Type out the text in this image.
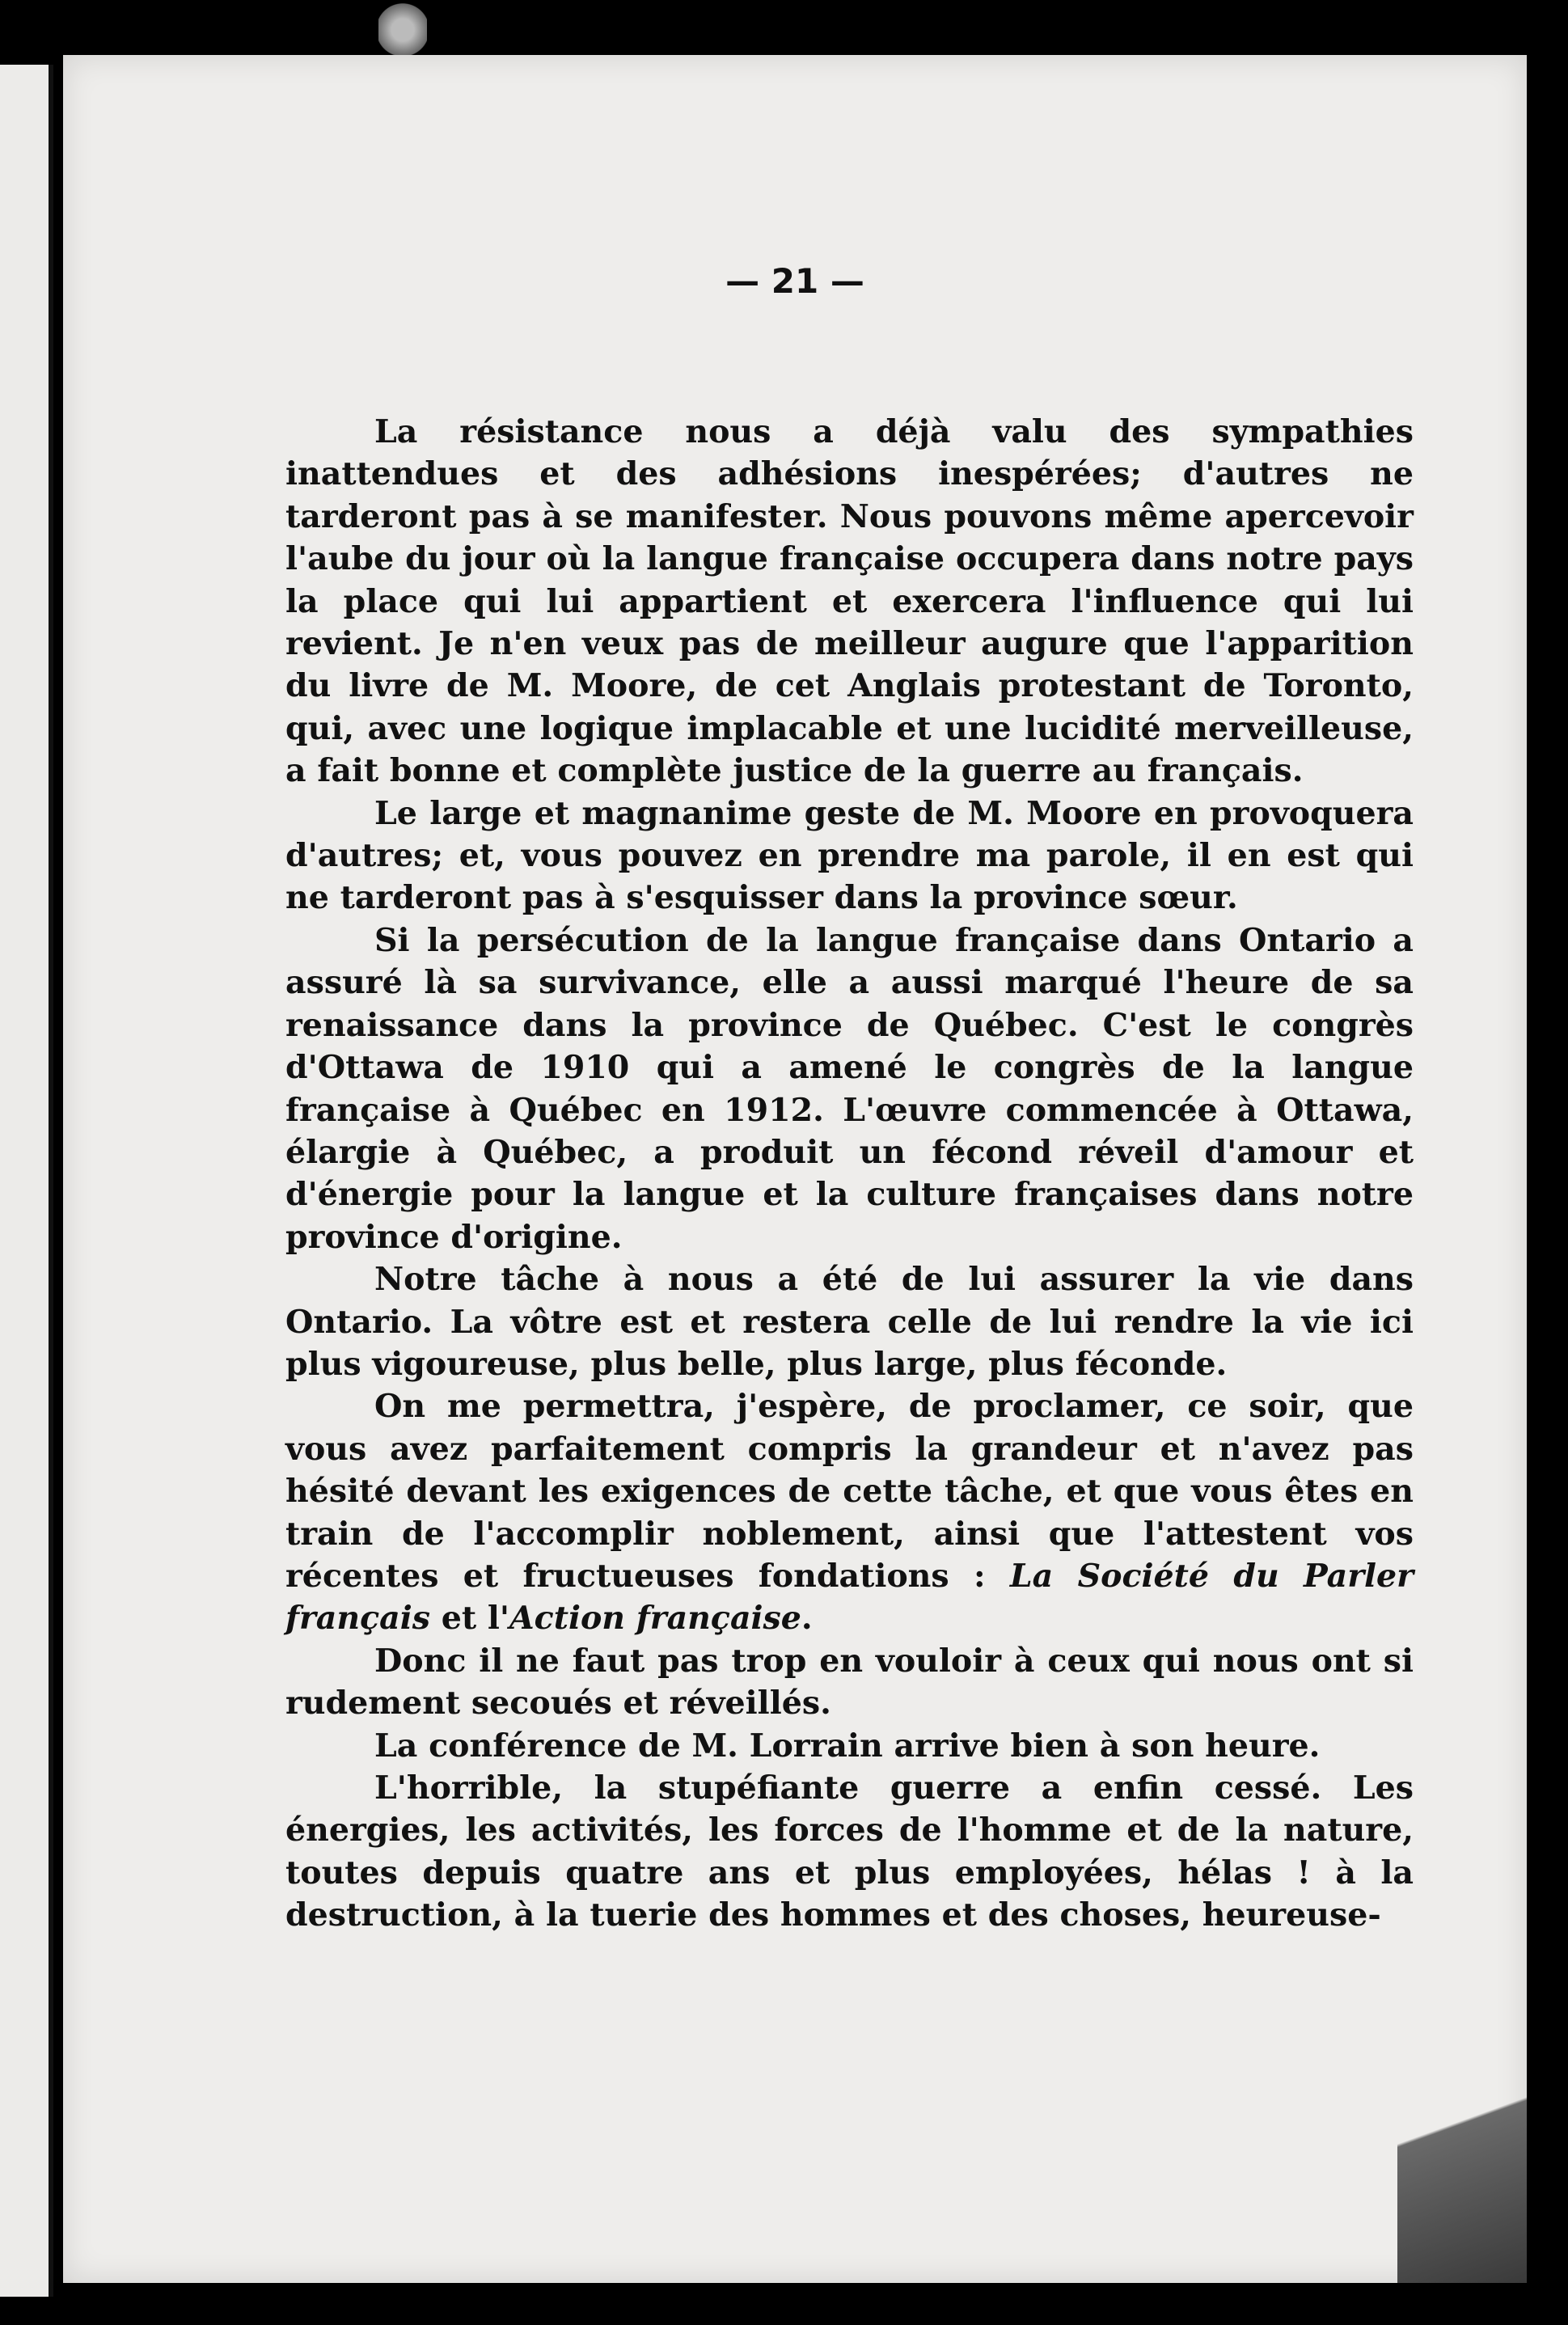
— 21 —

La résistance nous a déjà valu des sympathies inattendues et des adhésions inespérées; d'autres ne tarderont pas à se manifester. Nous pouvons même apercevoir l'aube du jour où la langue française occupera dans notre pays la place qui lui appartient et exercera l'influence qui lui revient. Je n'en veux pas de meilleur augure que l'apparition du livre de M. Moore, de cet Anglais protestant de Toronto, qui, avec une logique implacable et une lucidité merveilleuse, a fait bonne et complète justice de la guerre au français.

Le large et magnanime geste de M. Moore en provoquera d'autres; et, vous pouvez en prendre ma parole, il en est qui ne tarderont pas à s'esquisser dans la province sœur.

Si la persécution de la langue française dans Ontario a assuré là sa survivance, elle a aussi marqué l'heure de sa renaissance dans la province de Québec. C'est le congrès d'Ottawa de 1910 qui a amené le congrès de la langue française à Québec en 1912. L'œuvre commencée à Ottawa, élargie à Québec, a produit un fécond réveil d'amour et d'énergie pour la langue et la culture françaises dans notre province d'origine.

Notre tâche à nous a été de lui assurer la vie dans Ontario. La vôtre est et restera celle de lui rendre la vie ici plus vigoureuse, plus belle, plus large, plus féconde.

On me permettra, j'espère, de proclamer, ce soir, que vous avez parfaitement compris la grandeur et n'avez pas hésité devant les exigences de cette tâche, et que vous êtes en train de l'accomplir noblement, ainsi que l'attestent vos récentes et fructueuses fondations : La Société du Parler français et l'Action française.

Donc il ne faut pas trop en vouloir à ceux qui nous ont si rudement secoués et réveillés.

La conférence de M. Lorrain arrive bien à son heure.

L'horrible, la stupéfiante guerre a enfin cessé. Les énergies, les activités, les forces de l'homme et de la nature, toutes depuis quatre ans et plus employées, hélas ! à la destruction, à la tuerie des hommes et des choses, heureuse-
